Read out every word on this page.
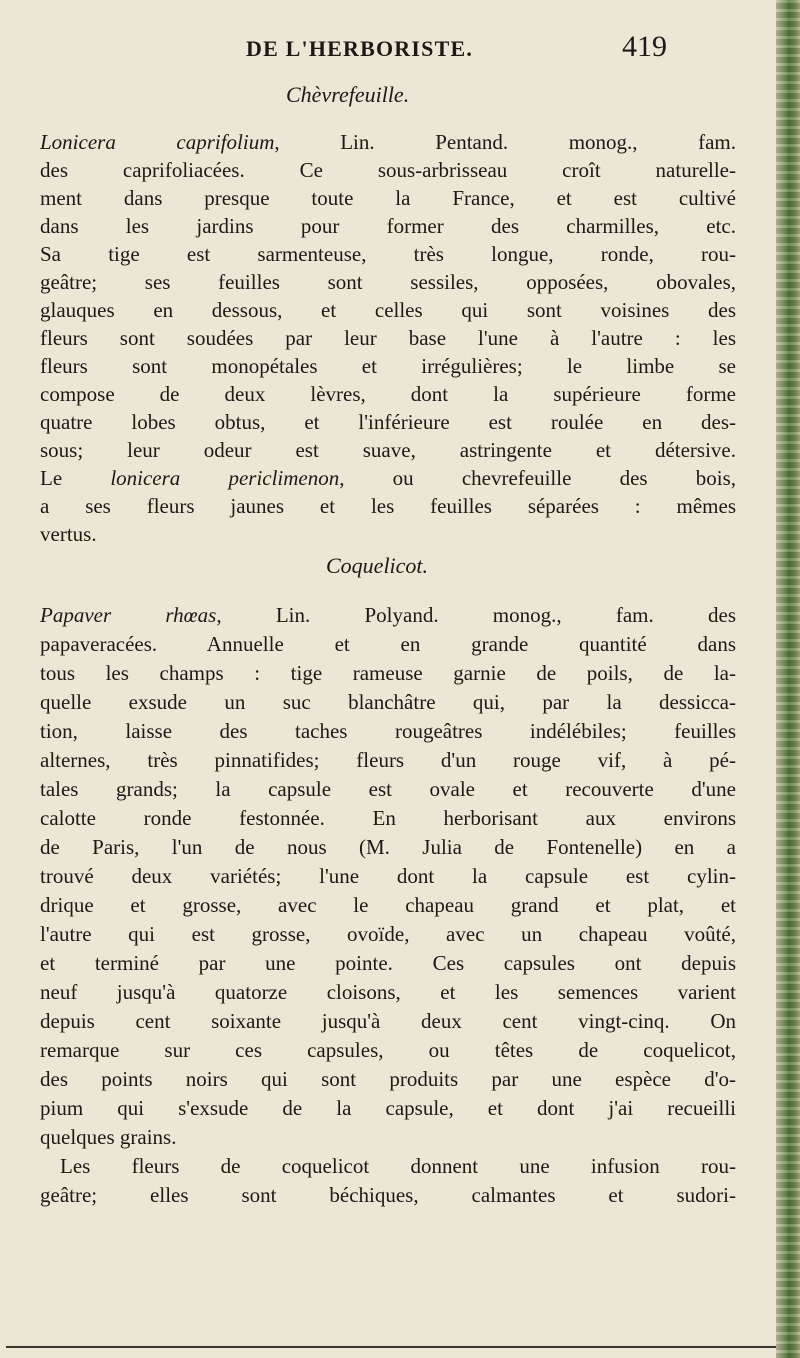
DE L'HERBORISTE.	419
Chèvrefeuille.
Lonicera caprifolium, Lin. Pentand. monog., fam.
des caprifoliacées. Ce sous-arbrisseau croît naturelle-
ment dans presque toute la France, et est cultivé
dans les jardins pour former des charmilles, etc.
Sa tige est sarmenteuse, très longue, ronde, rou-
geâtre; ses feuilles sont sessiles, opposées, obovales,
glauques en dessous, et celles qui sont voisines des
fleurs sont soudées par leur base l'une à l'autre : les
fleurs sont monopétales et irrégulières; le limbe se
compose de deux lèvres, dont la supérieure forme
quatre lobes obtus, et l'inférieure est roulée en des-
sous; leur odeur est suave, astringente et détersive.
Le lonicera periclimenon, ou chevrefeuille des bois,
a ses fleurs jaunes et les feuilles séparées : mêmes
vertus.
Coquelicot.
Papaver rhœas, Lin. Polyand. monog., fam. des
papaveracées. Annuelle et en grande quantité dans
tous les champs : tige rameuse garnie de poils, de la-
quelle exsude un suc blanchâtre qui, par la dessicca-
tion, laisse des taches rougeâtres indélébiles; feuilles
alternes, très pinnatifides; fleurs d'un rouge vif, à pé-
tales grands; la capsule est ovale et recouverte d'une
calotte ronde festonnée. En herborisant aux environs
de Paris, l'un de nous (M. Julia de Fontenelle) en a
trouvé deux variétés; l'une dont la capsule est cylin-
drique et grosse, avec le chapeau grand et plat, et
l'autre qui est grosse, ovoïde, avec un chapeau voûté,
et terminé par une pointe. Ces capsules ont depuis
neuf jusqu'à quatorze cloisons, et les semences varient
depuis cent soixante jusqu'à deux cent vingt-cinq. On
remarque sur ces capsules, ou têtes de coquelicot,
des points noirs qui sont produits par une espèce d'o-
pium qui s'exsude de la capsule, et dont j'ai recueilli
quelques grains.
Les fleurs de coquelicot donnent une infusion rou-
geâtre; elles sont béchiques, calmantes et sudori-
